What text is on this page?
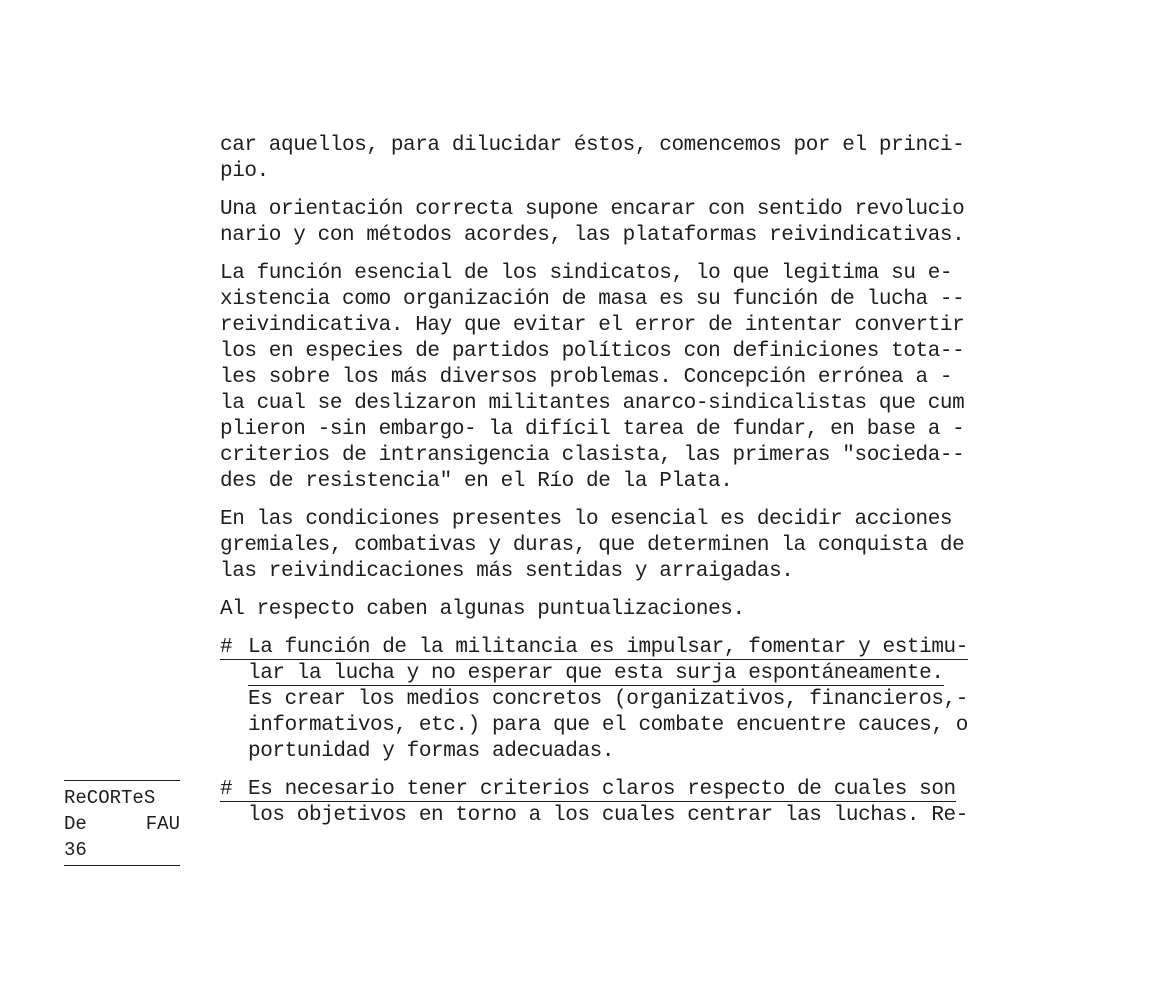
car aquellos, para dilucidar éstos, comencemos por el princi-
pio.
Una orientación correcta supone encarar con sentido revolucio
nario y con métodos acordes, las plataformas reivindicativas.
La función esencial de los sindicatos, lo que legitima su e-
xistencia como organización de masa es su función de lucha --
reivindicativa. Hay que evitar el error de intentar convertir
los en especies de partidos políticos con definiciones tota--
les sobre los más diversos problemas. Concepción errónea a -
la cual se deslizaron militantes anarco-sindicalistas que cum
plieron -sin embargo- la difícil tarea de fundar, en base a -
criterios de intransigencia clasista, las primeras "socieda--
des de resistencia" en el Río de la Plata.
En las condiciones presentes lo esencial es decidir acciones
gremiales, combativas y duras, que determinen la conquista de
las reivindicaciones más sentidas y arraigadas.
Al respecto caben algunas puntualizaciones.
# La función de la militancia es impulsar, fomentar y estimu-
lar la lucha y no esperar que esta surja espontáneamente.
Es crear los medios concretos (organizativos, financieros,-
informativos, etc.) para que el combate encuentre cauces, o
portunidad y formas adecuadas.
# Es necesario tener criterios claros respecto de cuales son
los objetivos en torno a los cuales centrar las luchas. Re-
ReCORTeS
De	FAU
36
